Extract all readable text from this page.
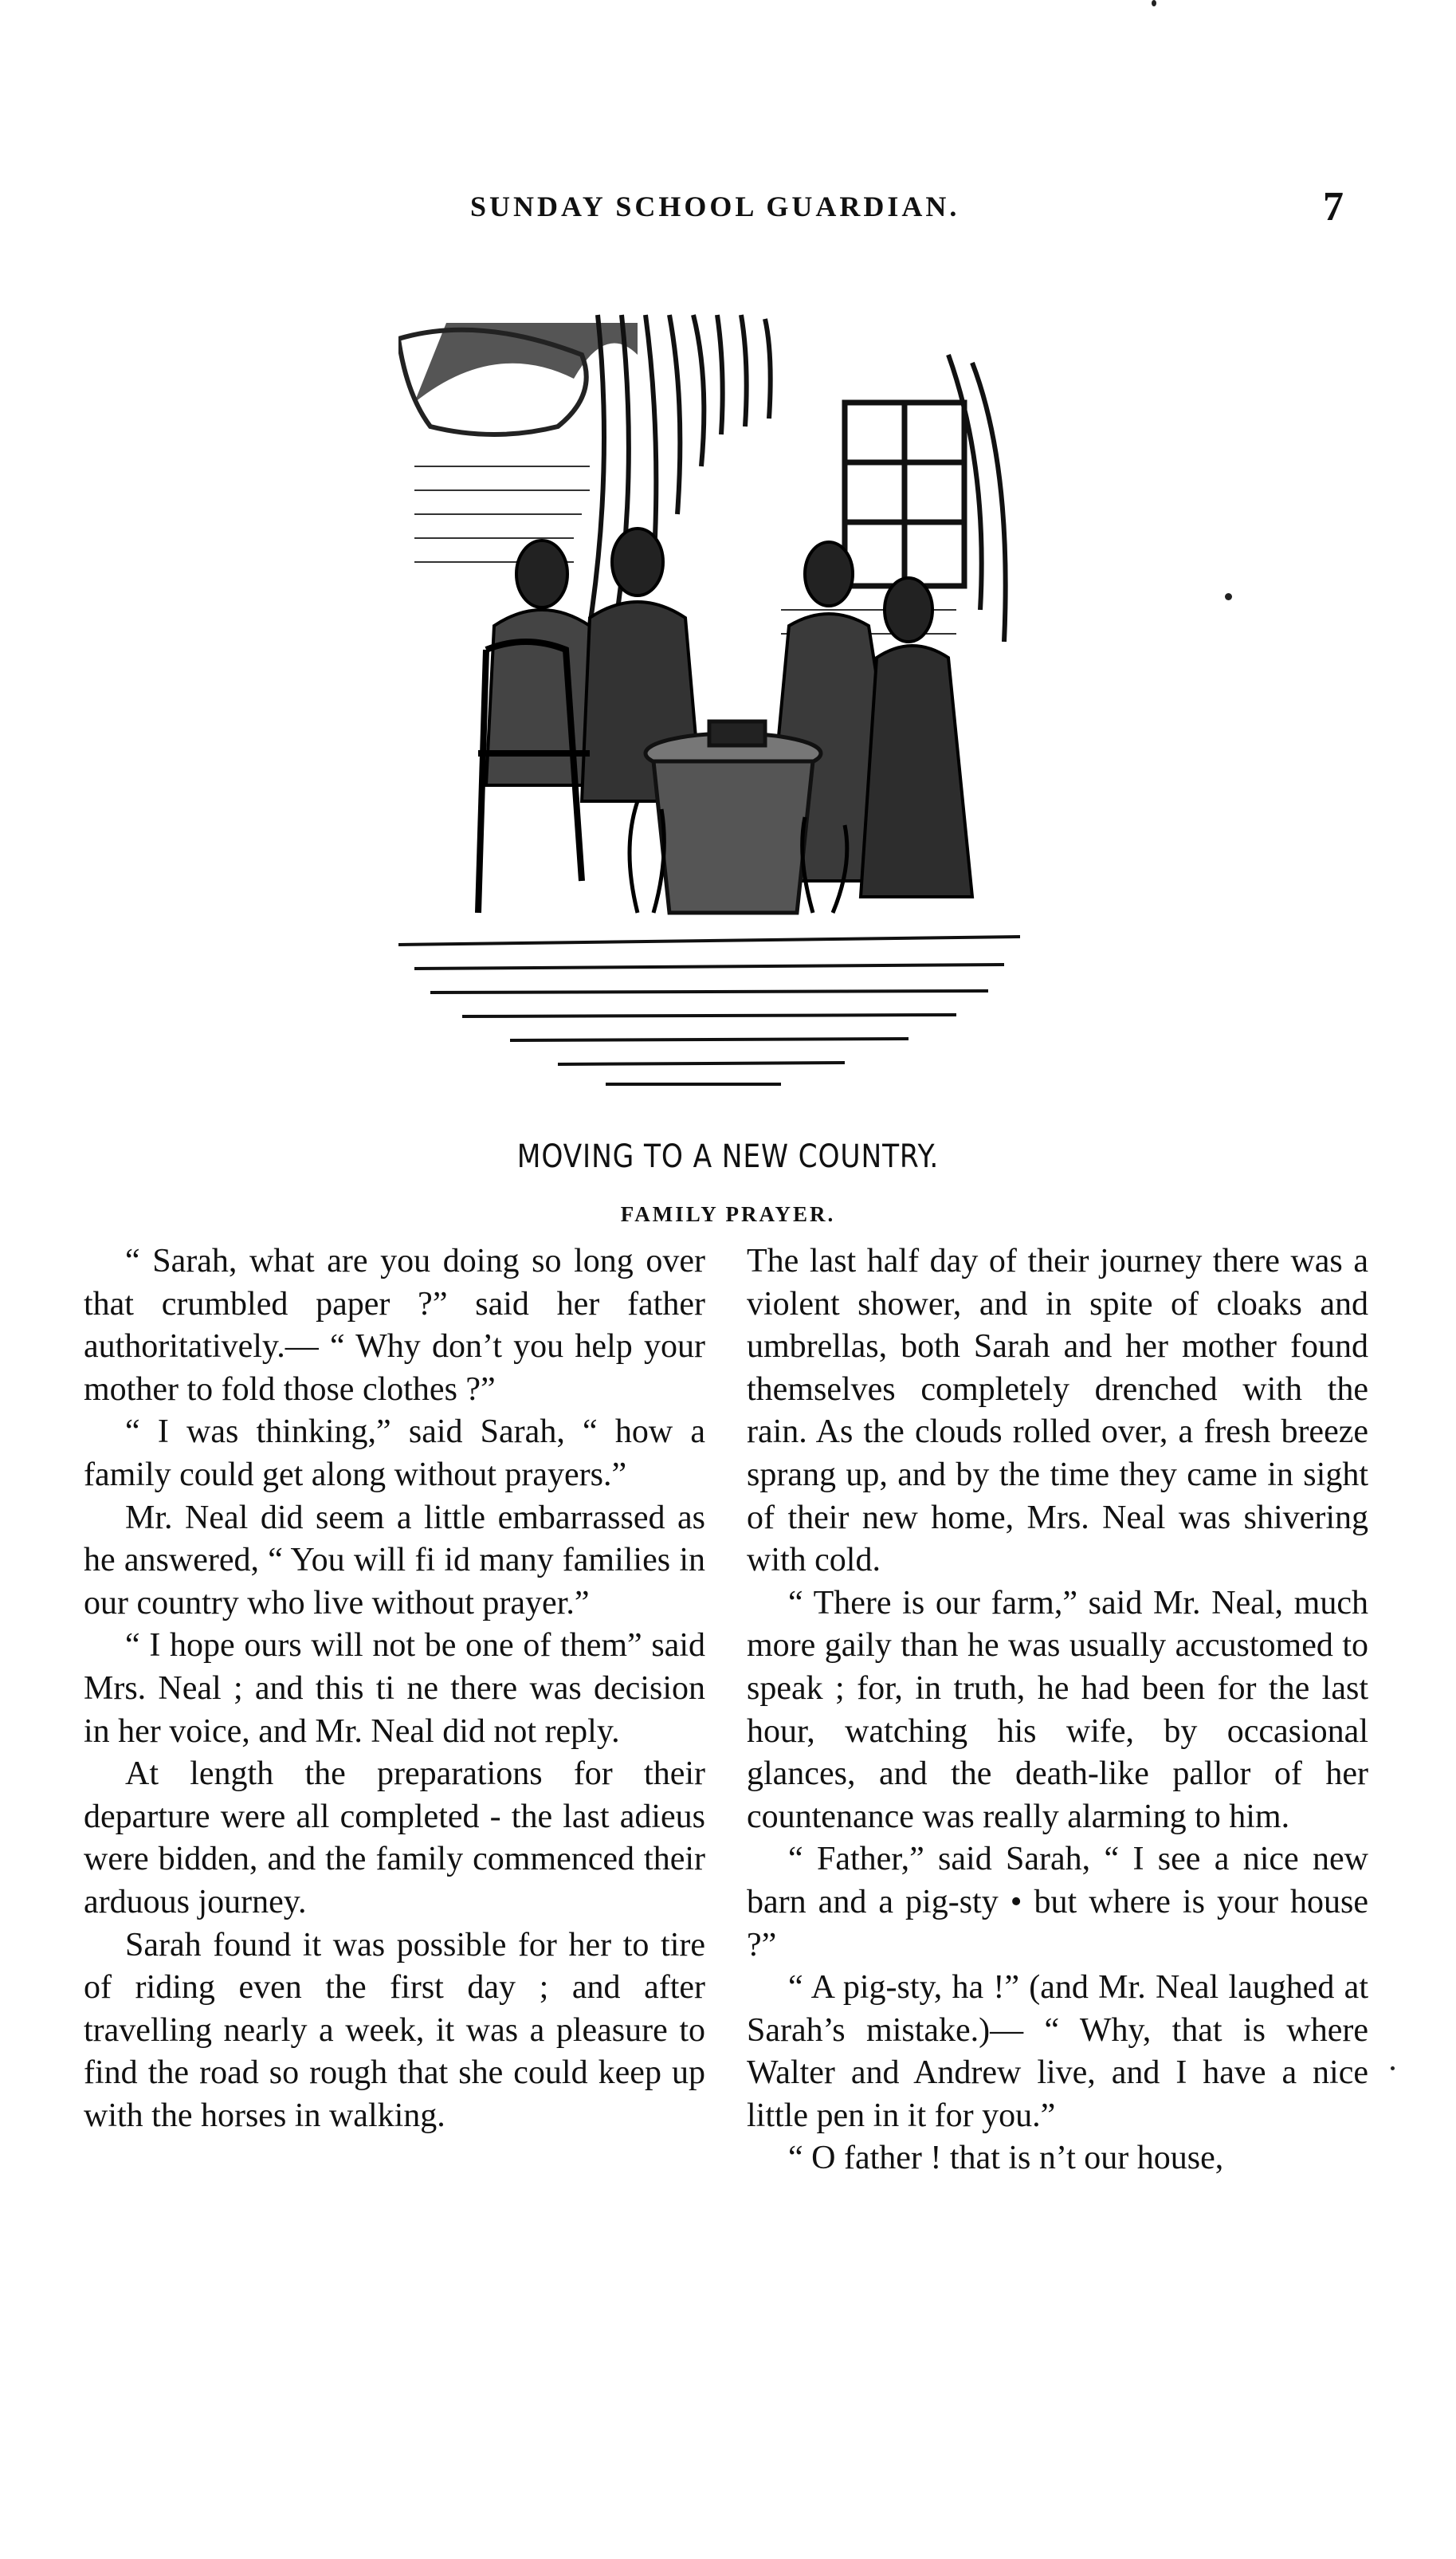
SUNDAY SCHOOL GUARDIAN.	7
MOVING TO A NEW COUNTRY.
FAMILY PRAYER.

“ Sarah, what are you doing so long over that crumbled paper ?” said her father authoritatively.— “ Why don’t you help your mother to fold those clothes ?”

“ I was thinking,” said Sarah, “ how a family could get along without prayers.”

Mr. Neal did seem a little embarrassed as he answered, “ You will fi id many families in our country who live without prayer.”

“ I hope ours will not be one of them” said Mrs. Neal ; and this ti ne there was decision in her voice, and Mr. Neal did not reply.

At length the preparations for their departure were all completed - the last adieus were bidden, and the family commenced their arduous journey.

Sarah found it was possible for her to tire of riding even the first day ; and after travelling nearly a week, it was a pleasure to find the road so rough that she could keep up with the horses in walking.

The last half day of their journey there was a violent shower, and in spite of cloaks and umbrellas, both Sarah and her mother found themselves completely drenched with the rain. As the clouds rolled over, a fresh breeze sprang up, and by the time they came in sight of their new home, Mrs. Neal was shivering with cold.

“ There is our farm,” said Mr. Neal, much more gaily than he was usually accustomed to speak ; for, in truth, he had been for the last hour, watching his wife, by occasional glances, and the death-like pallor of her countenance was really alarming to him.

“ Father,” said Sarah, “ I see a nice new barn and a pig-sty • but where is your house ?”

“ A pig-sty, ha !” (and Mr. Neal laughed at Sarah’s mistake.)— “ Why, that is where Walter and Andrew live, and I have a nice little pen in it for you.”

“ O father ! that is n’t our house,
